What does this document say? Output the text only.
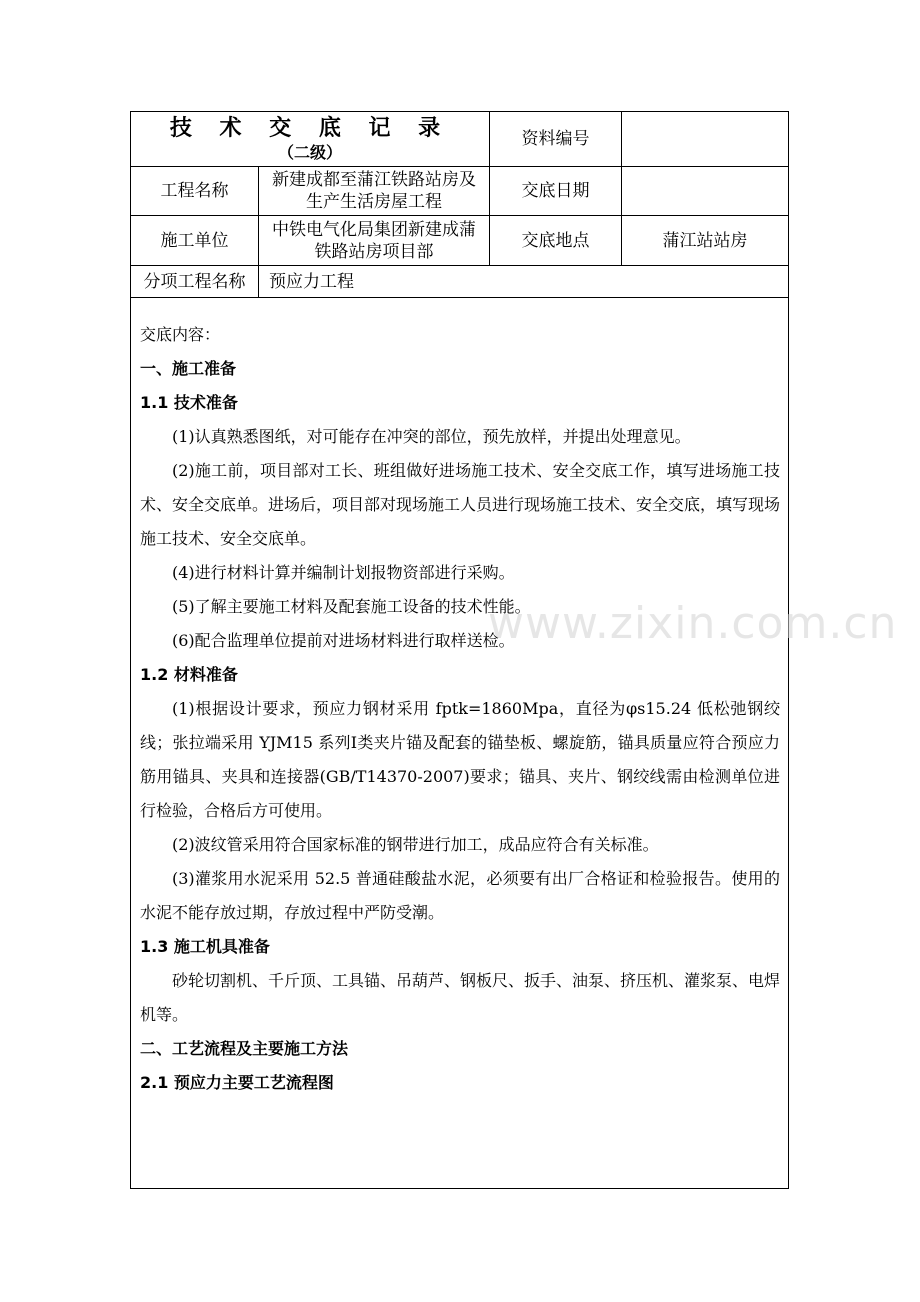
www.zixin.com.cn
技 术 交 底 记 录
（二级）
资料编号
工程名称
新建成都至蒲江铁路站房及生产生活房屋工程
交底日期
施工单位
中铁电气化局集团新建成蒲铁路站房项目部
交底地点	蒲江站站房
分项工程名称	预应力工程

交底内容：

一、施工准备

1.1 技术准备

(1)认真熟悉图纸，对可能存在冲突的部位，预先放样，并提出处理意见。

(2)施工前，项目部对工长、班组做好进场施工技术、安全交底工作，填写进场施工技术、安全交底单。进场后，项目部对现场施工人员进行现场施工技术、安全交底，填写现场施工技术、安全交底单。

(4)进行材料计算并编制计划报物资部进行采购。

(5)了解主要施工材料及配套施工设备的技术性能。

(6)配合监理单位提前对进场材料进行取样送检。

1.2 材料准备

(1)根据设计要求，预应力钢材采用 fptk=1860Mpa，直径为φs15.24 低松弛钢绞线；张拉端采用 YJM15 系列Ⅰ类夹片锚及配套的锚垫板、螺旋筋，锚具质量应符合预应力筋用锚具、夹具和连接器(GB/T14370-2007)要求；锚具、夹片、钢绞线需由检测单位进行检验，合格后方可使用。

(2)波纹管采用符合国家标准的钢带进行加工，成品应符合有关标准。

(3)灌浆用水泥采用 52.5 普通硅酸盐水泥，必须要有出厂合格证和检验报告。使用的水泥不能存放过期，存放过程中严防受潮。

1.3 施工机具准备

砂轮切割机、千斤顶、工具锚、吊葫芦、钢板尺、扳手、油泵、挤压机、灌浆泵、电焊机等。

二、工艺流程及主要施工方法

2.1 预应力主要工艺流程图
